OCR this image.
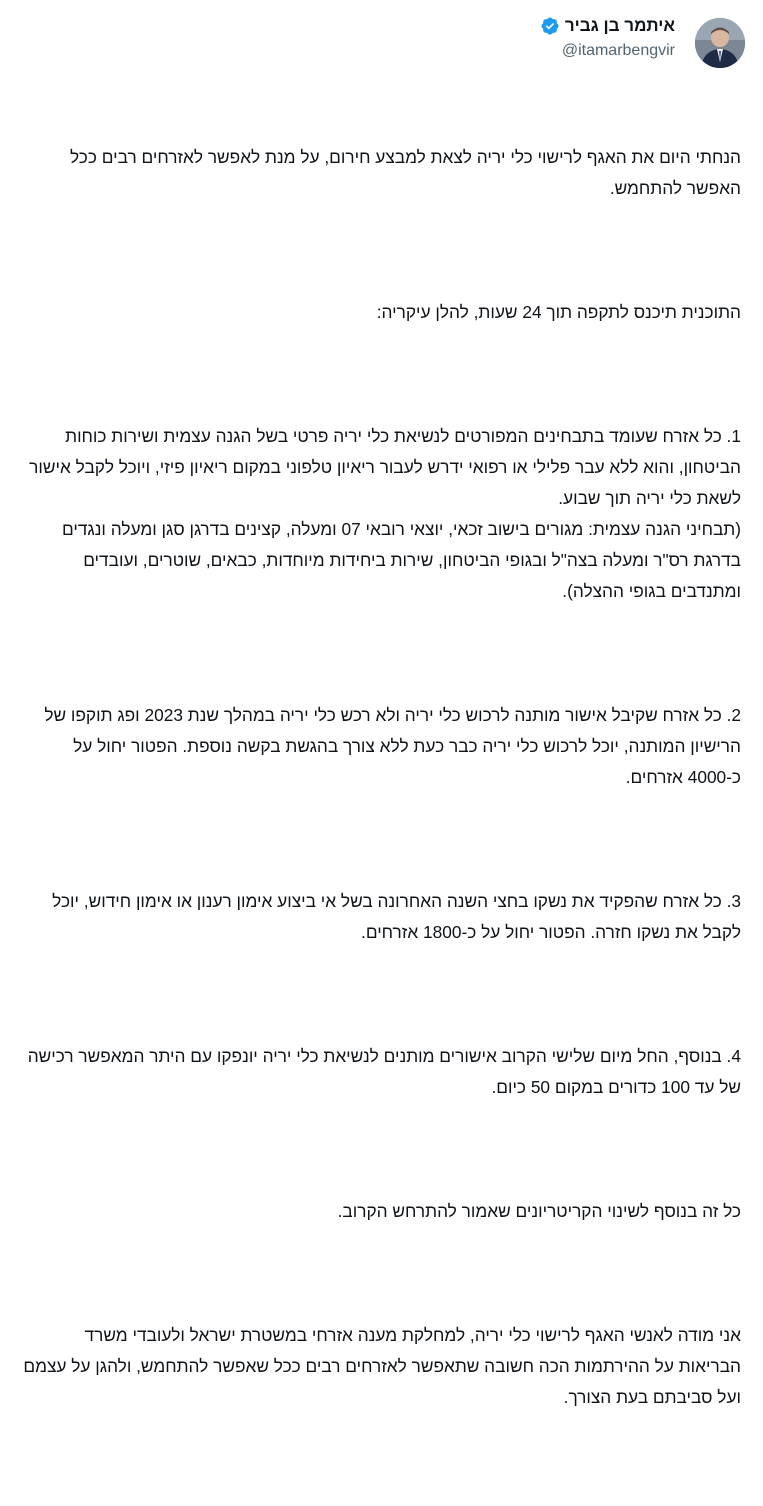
איתמר בן גביר
@itamarbengvir

הנחתי היום את האגף לרישוי כלי יריה לצאת למבצע חירום, על מנת לאפשר לאזרחים רבים ככל האפשר להתחמש.

התוכנית תיכנס לתקפה תוך 24 שעות, להלן עיקריה:

1. כל אזרח שעומד בתבחינים המפורטים לנשיאת כלי יריה פרטי בשל הגנה עצמית ושירות כוחות הביטחון, והוא ללא עבר פלילי או רפואי ידרש לעבור ריאיון טלפוני במקום ריאיון פיזי, ויוכל לקבל אישור לשאת כלי יריה תוך שבוע.
(תבחיני הגנה עצמית: מגורים בישוב זכאי, יוצאי רובאי 07 ומעלה, קצינים בדרגן סגן ומעלה ונגדים בדרגת רס"ר ומעלה בצה"ל ובגופי הביטחון, שירות ביחידות מיוחדות, כבאים, שוטרים, ועובדים ומתנדבים בגופי ההצלה).

2. כל אזרח שקיבל אישור מותנה לרכוש כלי יריה ולא רכש כלי יריה במהלך שנת 2023 ופג תוקפו של הרישיון המותנה, יוכל לרכוש כלי יריה כבר כעת ללא צורך בהגשת בקשה נוספת. הפטור יחול על כ-4000 אזרחים.

3. כל אזרח שהפקיד את נשקו בחצי השנה האחרונה בשל אי ביצוע אימון רענון או אימון חידוש, יוכל לקבל את נשקו חזרה. הפטור יחול על כ-1800 אזרחים.

4. בנוסף, החל מיום שלישי הקרוב אישורים מותנים לנשיאת כלי יריה יונפקו עם היתר המאפשר רכישה של עד 100 כדורים במקום 50 כיום.

כל זה בנוסף לשינוי הקריטריונים שאמור להתרחש הקרוב.

אני מודה לאנשי האגף לרישוי כלי יריה, למחלקת מענה אזרחי במשטרת ישראל ולעובדי משרד הבריאות על ההירתמות הכה חשובה שתאפשר לאזרחים רבים ככל שאפשר להתחמש, ולהגן על עצמם ועל סביבתם בעת הצורך.
